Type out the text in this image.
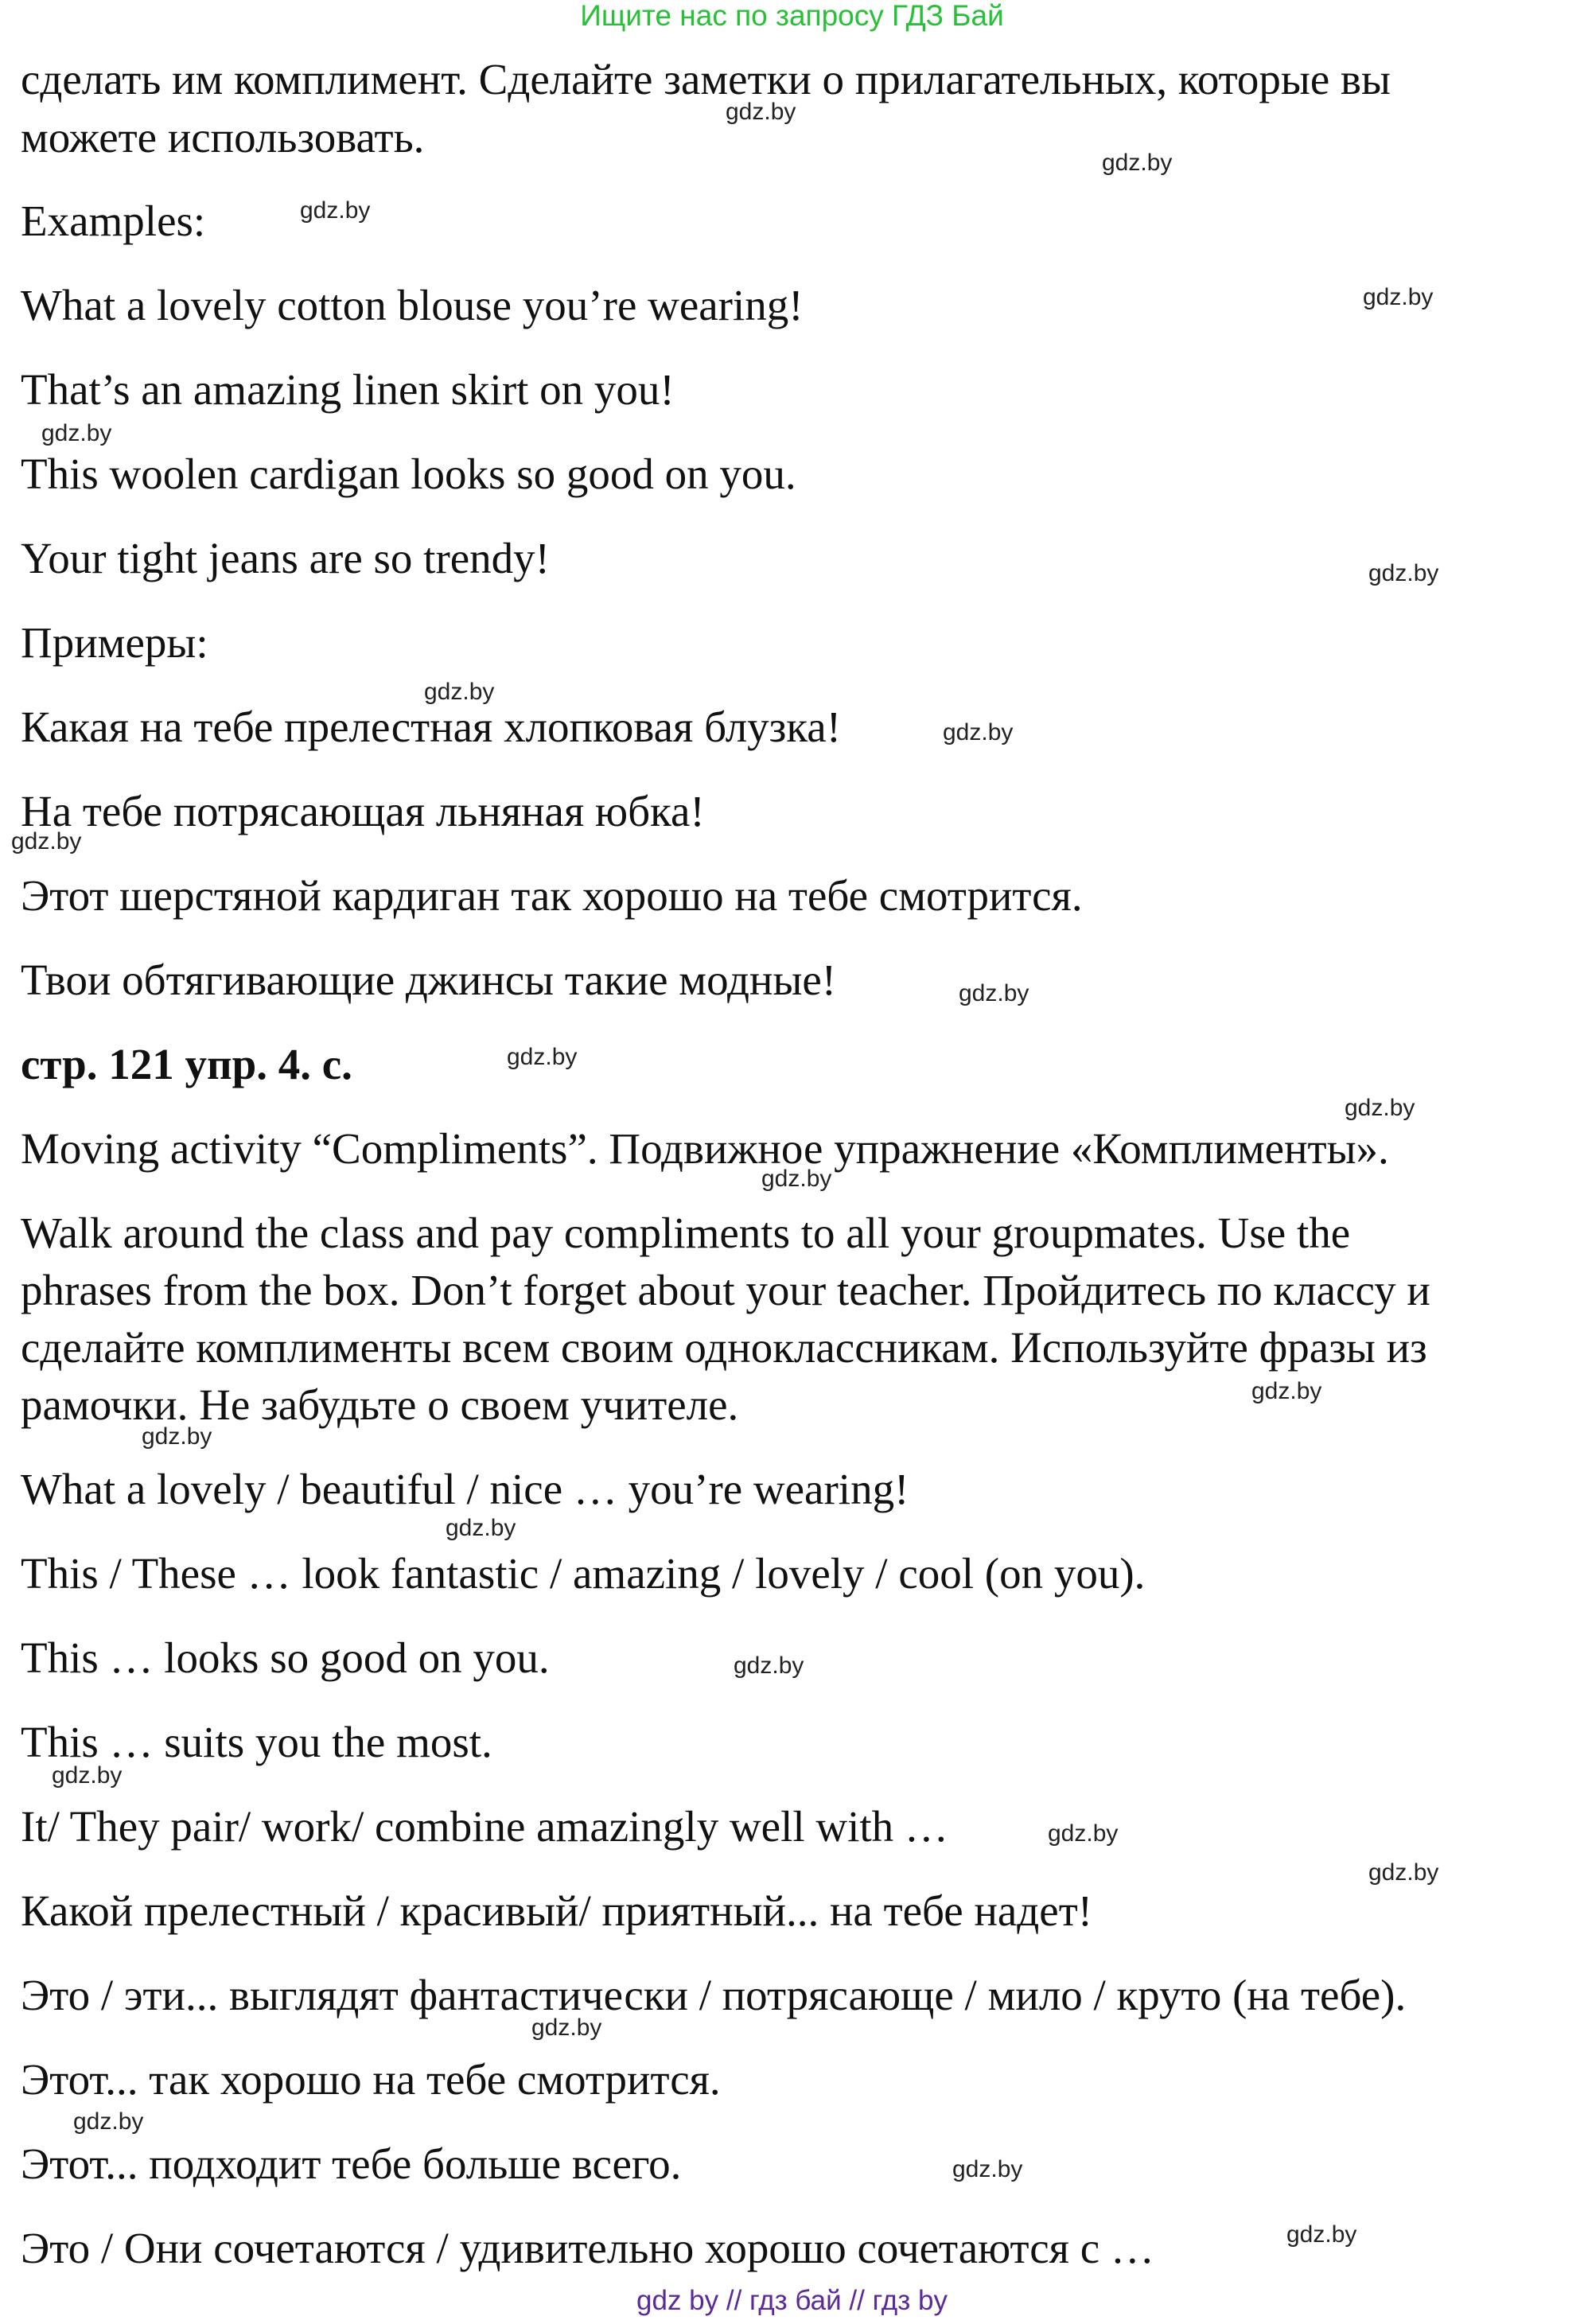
Ищите нас по запросу ГДЗ Бай
сделать им комплимент. Сделайте заметки о прилагательных, которые вы
можете использовать.
Examples:
What a lovely cotton blouse you’re wearing!
That’s an amazing linen skirt on you!
This woolen cardigan looks so good on you.
Your tight jeans are so trendy!
Примеры:
Какая на тебе прелестная хлопковая блузка!
На тебе потрясающая льняная юбка!
Этот шерстяной кардиган так хорошо на тебе смотрится.
Твои обтягивающие джинсы такие модные!
стр. 121 упр. 4. с.
Moving activity “Compliments”. Подвижное упражнение «Комплименты».
Walk around the class and pay compliments to all your groupmates. Use the
phrases from the box. Don’t forget about your teacher. Пройдитесь по классу и
сделайте комплименты всем своим одноклассникам. Используйте фразы из
рамочки. Не забудьте о своем учителе.
What a lovely / beautiful / nice … you’re wearing!
This / These … look fantastic / amazing / lovely / cool (on you).
This … looks so good on you.
This … suits you the most.
It/ They pair/ work/ combine amazingly well with …
Какой прелестный / красивый/ приятный... на тебе надет!
Это / эти... выглядят фантастически / потрясающе / мило / круто (на тебе).
Этот... так хорошо на тебе смотрится.
Этот... подходит тебе больше всего.
Это / Они сочетаются / удивительно хорошо сочетаются с …
gdz.by
gdz.by
gdz.by
gdz.by
gdz.by
gdz.by
gdz.by
gdz.by
gdz.by
gdz.by
gdz.by
gdz.by
gdz.by
gdz.by
gdz.by
gdz.by
gdz.by
gdz.by
gdz.by
gdz.by
gdz.by
gdz.by
gdz.by
gdz.by
gdz by // гдз бай // гдз by
